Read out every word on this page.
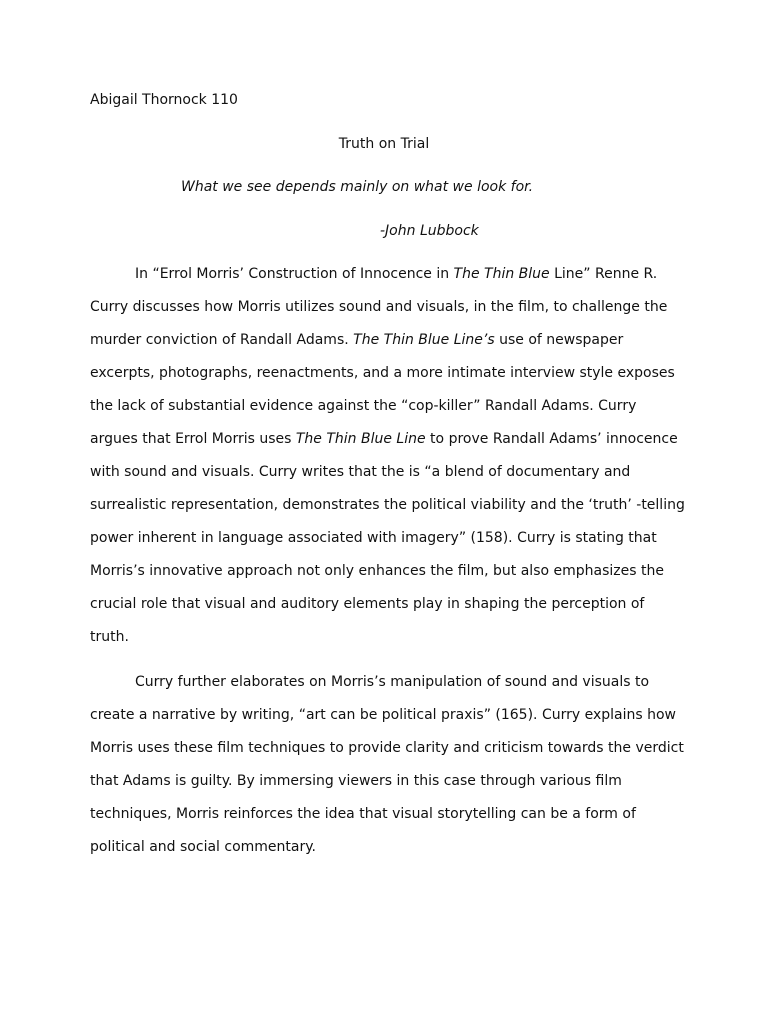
Abigail Thornock 110
Truth on Trial
What we see depends mainly on what we look for.
-John Lubbock
In “Errol Morris’ Construction of Innocence in The Thin Blue Line” Renne R.
Curry discusses how Morris utilizes sound and visuals, in the film, to challenge the
murder conviction of Randall Adams. The Thin Blue Line’s use of newspaper
excerpts, photographs, reenactments, and a more intimate interview style exposes
the lack of substantial evidence against the “cop-killer” Randall Adams. Curry
argues that Errol Morris uses The Thin Blue Line to prove Randall Adams’ innocence
with sound and visuals. Curry writes that the is “a blend of documentary and
surrealistic representation, demonstrates the political viability and the ‘truth’ -telling
power inherent in language associated with imagery” (158). Curry is stating that
Morris’s innovative approach not only enhances the film, but also emphasizes the
crucial role that visual and auditory elements play in shaping the perception of
truth.
Curry further elaborates on Morris’s manipulation of sound and visuals to
create a narrative by writing, “art can be political praxis” (165). Curry explains how
Morris uses these film techniques to provide clarity and criticism towards the verdict
that Adams is guilty. By immersing viewers in this case through various film
techniques, Morris reinforces the idea that visual storytelling can be a form of
political and social commentary.
